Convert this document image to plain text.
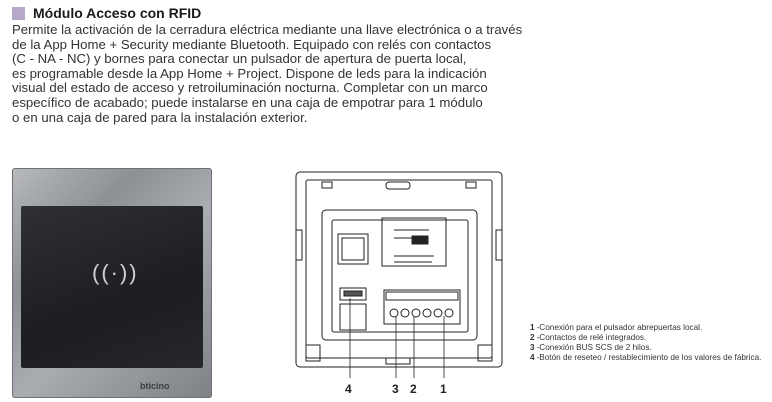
Módulo Acceso con RFID
Permite la activación de la cerradura eléctrica mediante una llave electrónica o a través
de la App Home + Security mediante Bluetooth. Equipado con relés con contactos
(C - NA - NC) y bornes para conectar un pulsador de apertura de puerta local,
es programable desde la App Home + Project. Dispone de leds para la indicación
visual del estado de acceso y retroiluminación nocturna. Completar con un marco
específico de acabado; puede instalarse en una caja de empotrar para 1 módulo
o en una caja de pared para la instalación exterior.
((·))
bticino	4	3 2 1
1 - Conexión para el pulsador abrepuertas local.
2 - Contactos de relé integrados.
3 - Conexión BUS SCS de 2 hilos.
4 - Botón de reseteo / restablecimiento de los valores de fábrica.
